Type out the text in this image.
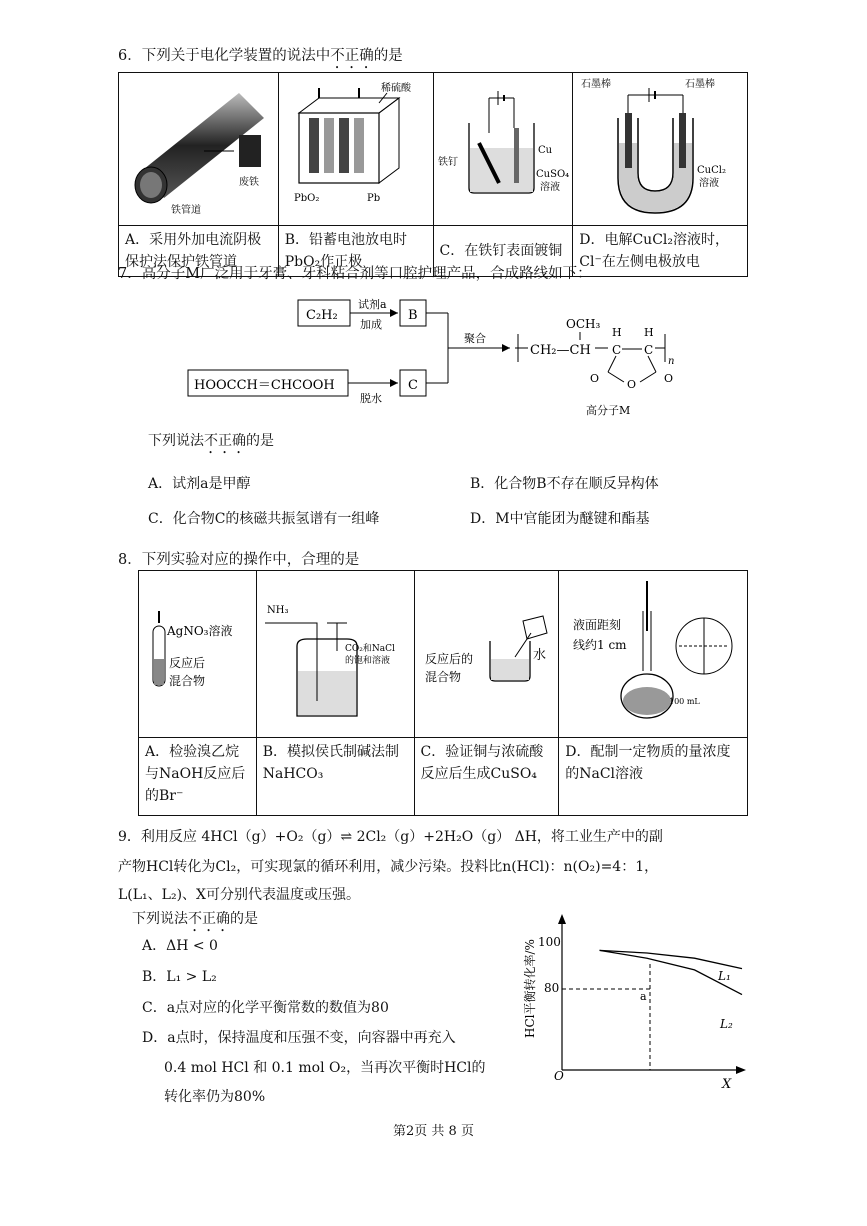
6．下列关于电化学装置的说法中不正确的是
铁管道
废铁	稀硫酸
PbO₂ Pb	铁钉
Cu
CuSO₄
溶液	石墨棒 石墨棒
CuCl₂
溶液

A．采用外加电流阴极保护法保护铁管道	B．铅蓄电池放电时PbO₂作正极	C．在铁钉表面镀铜	D．电解CuCl₂溶液时，Cl⁻在左侧电极放电
7．高分子M广泛用于牙膏、牙科粘合剂等口腔护理产品，合成路线如下：
C₂H₂
试剂a
加成
B
HOOCCH＝CHCOOH
脱水
C
聚合
CH₂—CH
OCH₃
H H
C C
n
O
O	O
高分子M
下列说法不正确的是
A．试剂a是甲醇	B．化合物B不存在顺反异构体
C．化合物C的核磁共振氢谱有一组峰	D．M中官能团为醚键和酯基
8．下列实验对应的操作中，合理的是
AgNO₃溶液
反应后
混合物	NH₃
CO₂和NaCl
的饱和溶液	水
反应后的
混合物	液面距刻
线约1 cm
100 mL

A．检验溴乙烷与NaOH反应后的Br⁻	B．模拟侯氏制碱法制NaHCO₃	C．验证铜与浓硫酸反应后生成CuSO₄	D．配制一定物质的量浓度的NaCl溶液
9．利用反应 4HCl（g）+O₂（g）⇌ 2Cl₂（g）+2H₂O（g） ΔH，将工业生产中的副
产物HCl转化为Cl₂，可实现氯的循环利用，减少污染。投料比n(HCl)：n(O₂)=4：1，
L(L₁、L₂)、X可分别代表温度或压强。
下列说法不正确的是
A．ΔH < 0
B．L₁ > L₂
C．a点对应的化学平衡常数的数值为80
D．a点时，保持温度和压强不变，向容器中再充入
0.4 mol HCl 和 0.1 mol O₂，当再次平衡时HCl的
转化率仍为80%
HCl平衡转化率/% 100
80
O
X
a
L₁
L₂
第2页 共 8 页
